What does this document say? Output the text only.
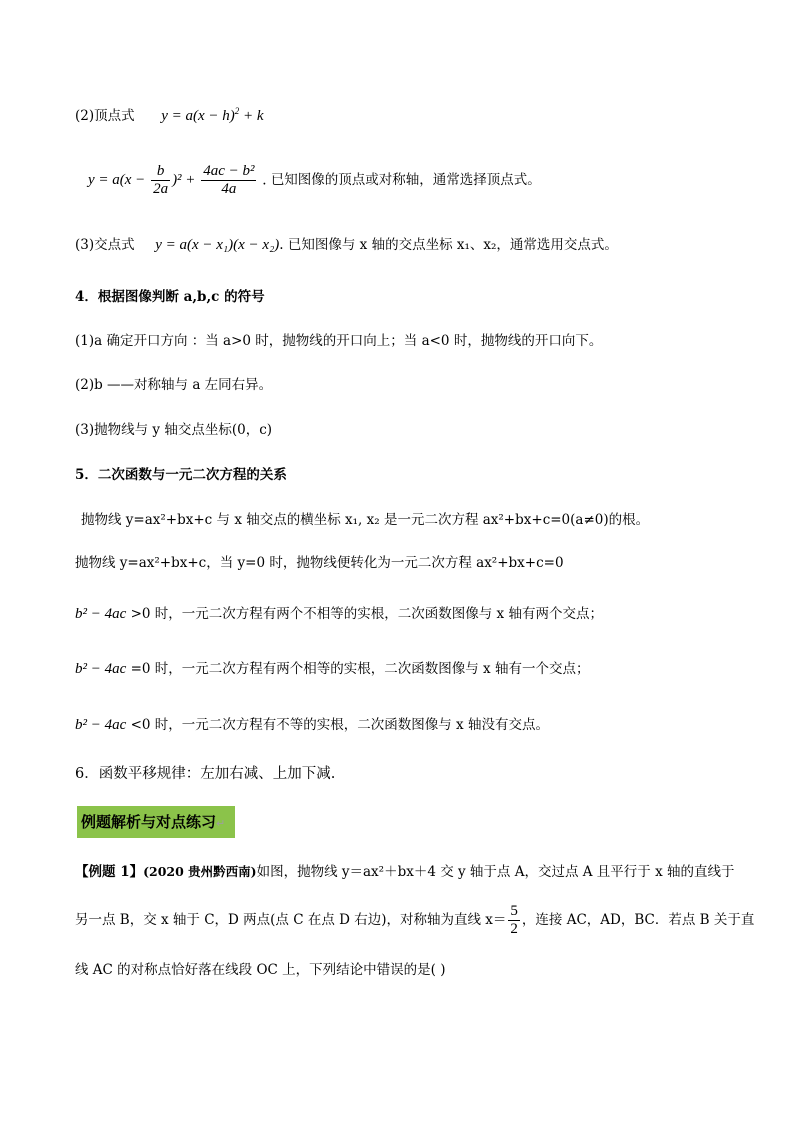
(2)顶点式 $y = a(x - h)^2 + k$
$y = a(x - \frac{b}{2a} )^2 + \frac{\text{4ac − b²}}{4a}$ . 已知图像的顶点或对称轴，通常选择顶点式。
(3)交点式 y = a(x − x₁)(x − x₂). 已知图像与 x 轴的交点坐标 x₁、x₂，通常选用交点式。
4．根据图像判断 a,b,c 的符号
(1)a 确定开口方向 ：当 a>0 时，抛物线的开口向上；当 a<0 时，抛物线的开口向下。
(2)b ——对称轴与 a 左同右异。
(3)抛物线与 y 轴交点坐标(0，c)
5．二次函数与一元二次方程的关系
抛物线 y=ax²+bx+c 与 x 轴交点的横坐标 x₁, x₂ 是一元二次方程 ax²+bx+c=0(a≠0)的根。
抛物线 y=ax²+bx+c，当 y=0 时，抛物线便转化为一元二次方程 ax²+bx+c=0
b² − 4ac >0 时，一元二次方程有两个不相等的实根，二次函数图像与 x 轴有两个交点；
b² − 4ac =0 时，一元二次方程有两个相等的实根，二次函数图像与 x 轴有一个交点；
b² − 4ac <0 时，一元二次方程有不等的实根，二次函数图像与 x 轴没有交点。
6．函数平移规律：左加右减、上加下减.
例题解析与对点练习↵
【例题 1】(2020 贵州黔西南)如图，抛物线 y＝ax²＋bx＋4 交 y 轴于点 A，交过点 A 且平行于 x 轴的直线于
另一点 B，交 x 轴于 C，D 两点(点 C 在点 D 右边)，对称轴为直线 $x= \frac{5}{2}$ ，连接 AC，AD，BC．若点 B 关于直
线 AC 的对称点恰好落在线段 OC 上，下列结论中错误的是( )
